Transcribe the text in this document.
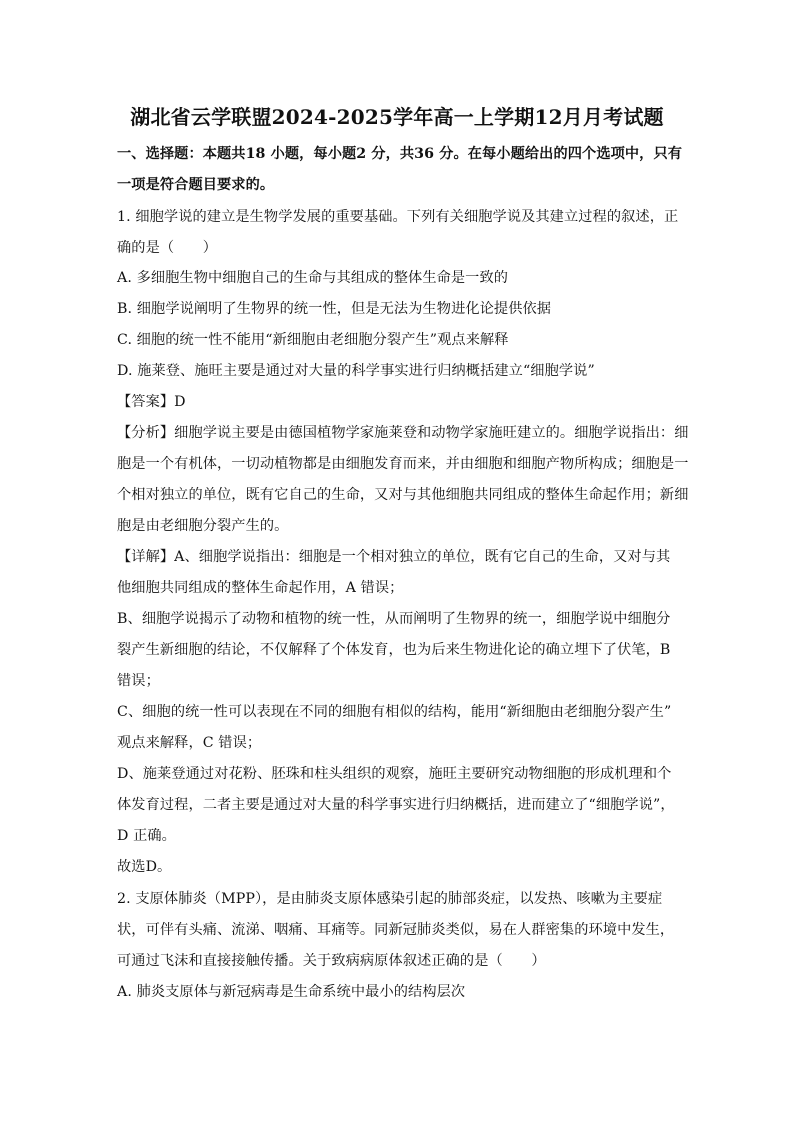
湖北省云学联盟2024-2025学年高一上学期12月月考试题
一、选择题：本题共18 小题，每小题2 分，共36 分。在每小题给出的四个选项中，只有
一项是符合题目要求的。
1. 细胞学说的建立是生物学发展的重要基础。下列有关细胞学说及其建立过程的叙述，正
确的是（　　）
A. 多细胞生物中细胞自己的生命与其组成的整体生命是一致的
B. 细胞学说阐明了生物界的统一性，但是无法为生物进化论提供依据
C. 细胞的统一性不能用“新细胞由老细胞分裂产生”观点来解释
D. 施莱登、施旺主要是通过对大量的科学事实进行归纳概括建立“细胞学说”
【答案】D
【分析】细胞学说主要是由德国植物学家施莱登和动物学家施旺建立的。细胞学说指出：细
胞是一个有机体，一切动植物都是由细胞发育而来，并由细胞和细胞产物所构成；细胞是一
个相对独立的单位，既有它自己的生命，又对与其他细胞共同组成的整体生命起作用；新细
胞是由老细胞分裂产生的。
【详解】A、细胞学说指出：细胞是一个相对独立的单位，既有它自己的生命，又对与其
他细胞共同组成的整体生命起作用，A 错误；
B、细胞学说揭示了动物和植物的统一性，从而阐明了生物界的统一，细胞学说中细胞分
裂产生新细胞的结论，不仅解释了个体发育，也为后来生物进化论的确立埋下了伏笔，B
错误；
C、细胞的统一性可以表现在不同的细胞有相似的结构，能用“新细胞由老细胞分裂产生”
观点来解释，C 错误；
D、施莱登通过对花粉、胚珠和柱头组织的观察，施旺主要研究动物细胞的形成机理和个
体发育过程，二者主要是通过对大量的科学事实进行归纳概括，进而建立了“细胞学说”，
D 正确。
故选D。
2. 支原体肺炎（MPP），是由肺炎支原体感染引起的肺部炎症，以发热、咳嗽为主要症
状，可伴有头痛、流涕、咽痛、耳痛等。同新冠肺炎类似，易在人群密集的环境中发生，
可通过飞沫和直接接触传播。关于致病病原体叙述正确的是（　　）
A. 肺炎支原体与新冠病毒是生命系统中最小的结构层次
